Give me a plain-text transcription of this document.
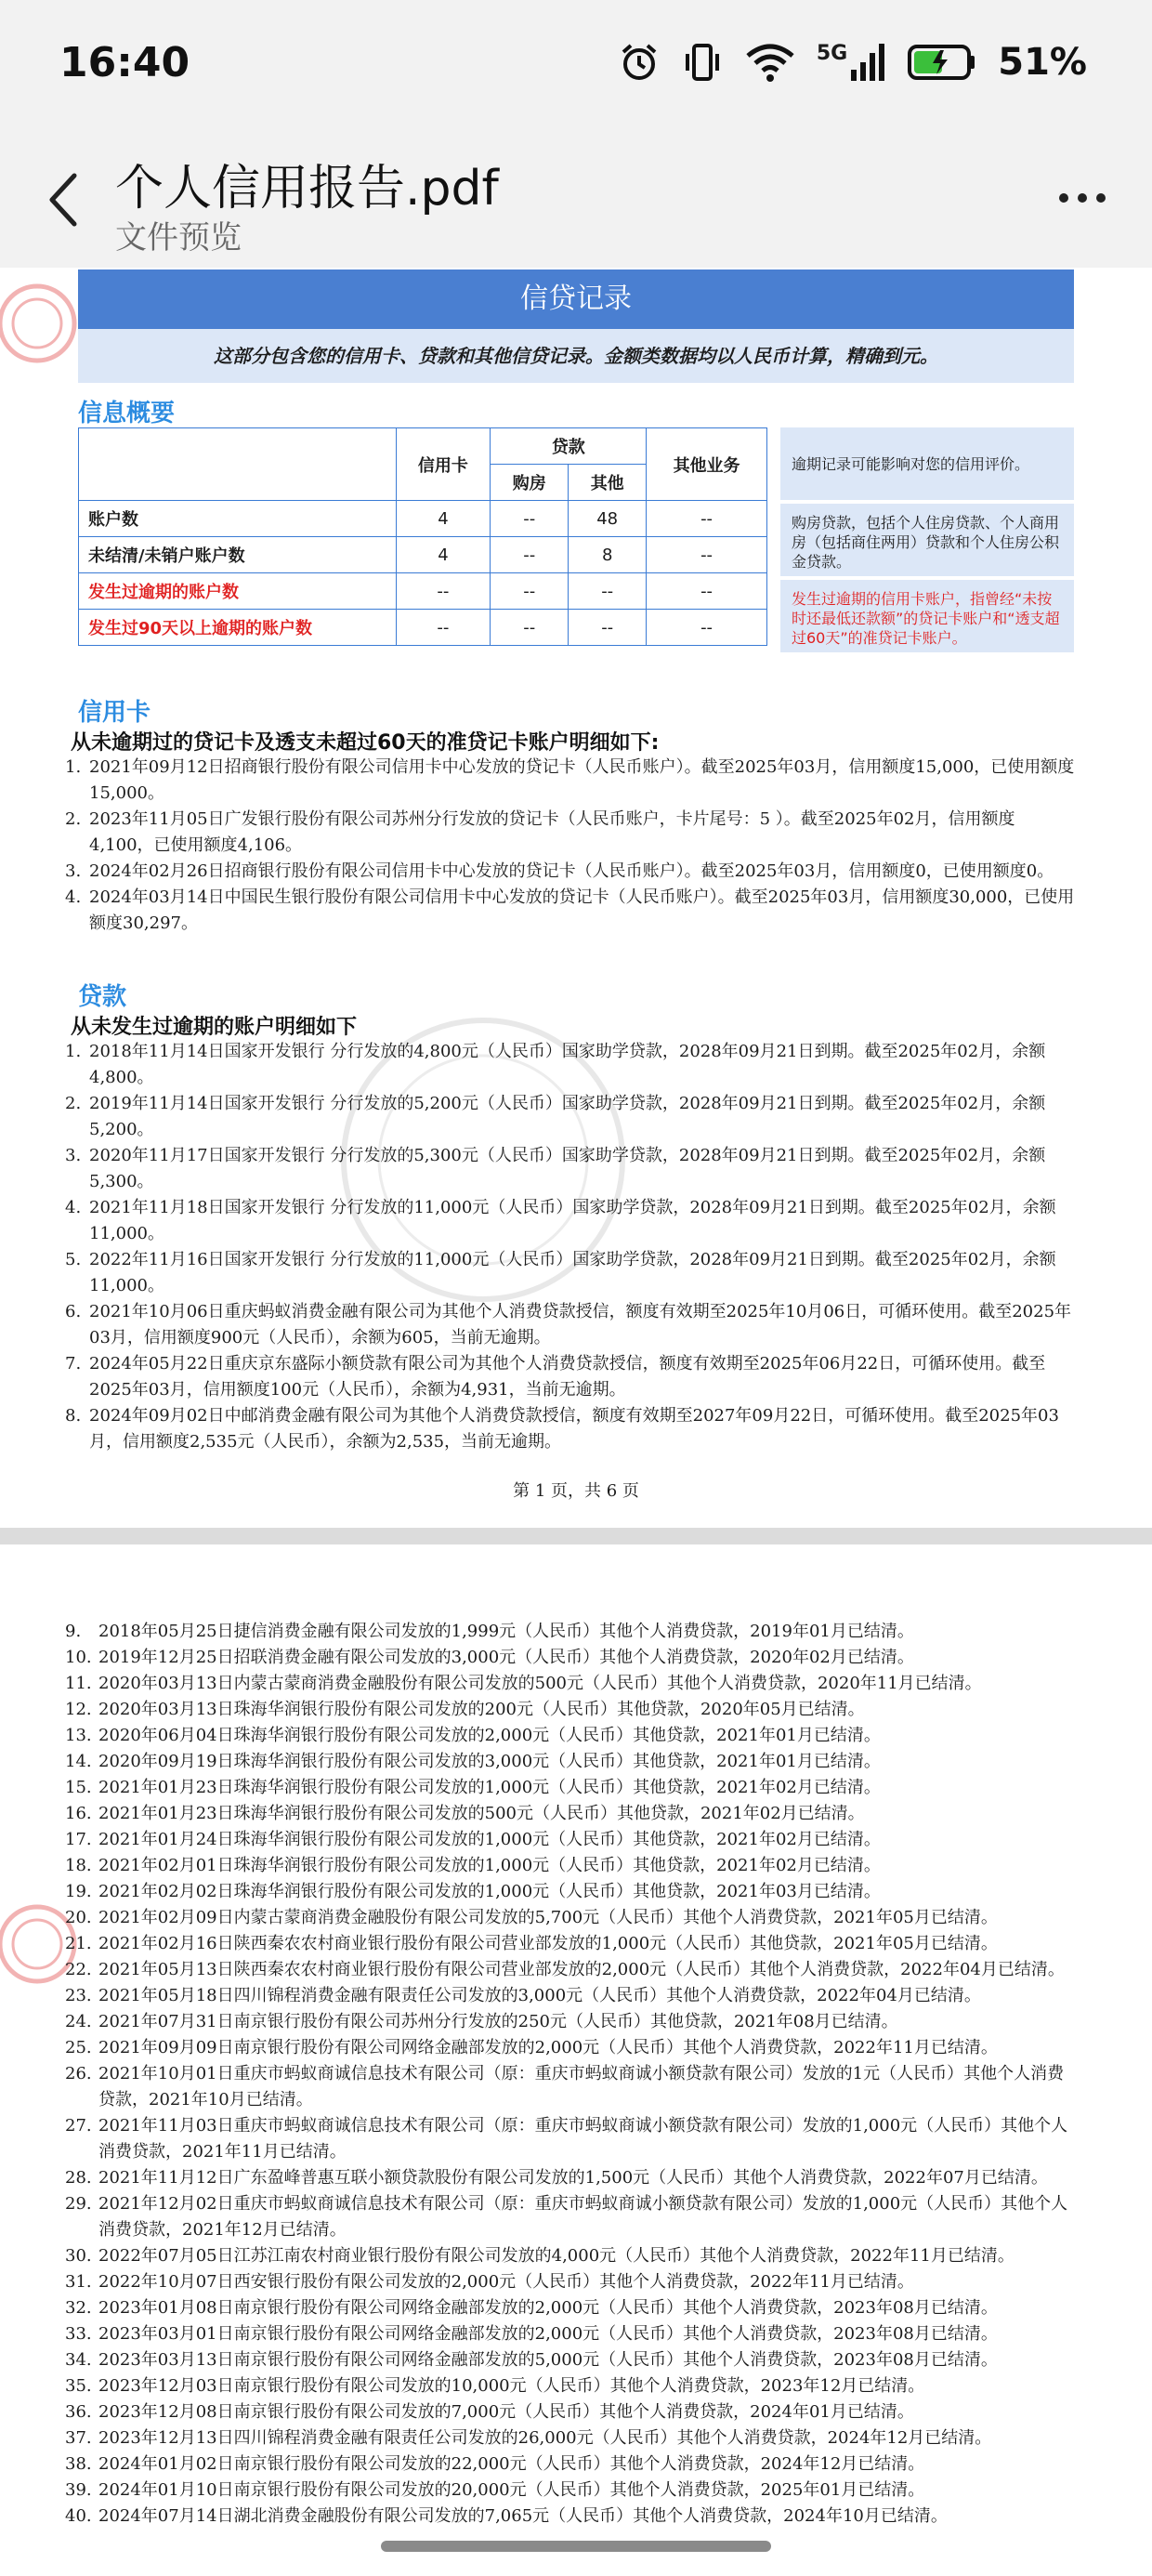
16:40	5G	51%
个人信用报告.pdf
文件预览
信贷记录
这部分包含您的信用卡、贷款和其他信贷记录。金额类数据均以人民币计算，精确到元。
信息概要
	信用卡	贷款		其他业务
		购房	其他	
账户数	4	--	48	--
未结清/未销户账户数	4	--	8	--
发生过逾期的账户数	--	--	--	--
发生过90天以上逾期的账户数	--	--	--	--
逾期记录可能影响对您的信用评价。
购房贷款，包括个人住房贷款、个人商用房（包括商住两用）贷款和个人住房公积金贷款。
发生过逾期的信用卡账户，指曾经“未按时还最低还款额”的贷记卡账户和“透支超过60天”的准贷记卡账户。
信用卡
从未逾期过的贷记卡及透支未超过60天的准贷记卡账户明细如下:
1. 2021年09月12日招商银行股份有限公司信用卡中心发放的贷记卡（人民币账户）。截至2025年03月，信用额度15,000，已使用额度15,000。
2. 2023年11月05日广发银行股份有限公司苏州分行发放的贷记卡（人民币账户，卡片尾号：5 ）。截至2025年02月，信用额度4,100，已使用额度4,106。
3. 2024年02月26日招商银行股份有限公司信用卡中心发放的贷记卡（人民币账户）。截至2025年03月，信用额度0，已使用额度0。
4. 2024年03月14日中国民生银行股份有限公司信用卡中心发放的贷记卡（人民币账户）。截至2025年03月，信用额度30,000，已使用额度30,297。
贷款
从未发生过逾期的账户明细如下
1. 2018年11月14日国家开发银行 分行发放的4,800元（人民币）国家助学贷款，2028年09月21日到期。截至2025年02月，余额4,800。
2. 2019年11月14日国家开发银行 分行发放的5,200元（人民币）国家助学贷款，2028年09月21日到期。截至2025年02月，余额5,200。
3. 2020年11月17日国家开发银行 分行发放的5,300元（人民币）国家助学贷款，2028年09月21日到期。截至2025年02月，余额5,300。
4. 2021年11月18日国家开发银行 分行发放的11,000元（人民币）国家助学贷款，2028年09月21日到期。截至2025年02月，余额11,000。
5. 2022年11月16日国家开发银行 分行发放的11,000元（人民币）国家助学贷款，2028年09月21日到期。截至2025年02月，余额11,000。
6. 2021年10月06日重庆蚂蚁消费金融有限公司为其他个人消费贷款授信，额度有效期至2025年10月06日，可循环使用。截至2025年03月，信用额度900元（人民币），余额为605，当前无逾期。
7. 2024年05月22日重庆京东盛际小额贷款有限公司为其他个人消费贷款授信，额度有效期至2025年06月22日，可循环使用。截至2025年03月，信用额度100元（人民币），余额为4,931，当前无逾期。
8. 2024年09月02日中邮消费金融有限公司为其他个人消费贷款授信，额度有效期至2027年09月22日，可循环使用。截至2025年03月，信用额度2,535元（人民币），余额为2,535，当前无逾期。
第 1 页，共 6 页
9.	2018年05月25日捷信消费金融有限公司发放的1,999元（人民币）其他个人消费贷款，2019年01月已结清。
10. 2019年12月25日招联消费金融有限公司发放的3,000元（人民币）其他个人消费贷款，2020年02月已结清。
11. 2020年03月13日内蒙古蒙商消费金融股份有限公司发放的500元（人民币）其他个人消费贷款，2020年11月已结清。
12. 2020年03月13日珠海华润银行股份有限公司发放的200元（人民币）其他贷款，2020年05月已结清。
13. 2020年06月04日珠海华润银行股份有限公司发放的2,000元（人民币）其他贷款，2021年01月已结清。
14. 2020年09月19日珠海华润银行股份有限公司发放的3,000元（人民币）其他贷款，2021年01月已结清。
15. 2021年01月23日珠海华润银行股份有限公司发放的1,000元（人民币）其他贷款，2021年02月已结清。
16. 2021年01月23日珠海华润银行股份有限公司发放的500元（人民币）其他贷款，2021年02月已结清。
17. 2021年01月24日珠海华润银行股份有限公司发放的1,000元（人民币）其他贷款，2021年02月已结清。
18. 2021年02月01日珠海华润银行股份有限公司发放的1,000元（人民币）其他贷款，2021年02月已结清。
19. 2021年02月02日珠海华润银行股份有限公司发放的1,000元（人民币）其他贷款，2021年03月已结清。
20. 2021年02月09日内蒙古蒙商消费金融股份有限公司发放的5,700元（人民币）其他个人消费贷款，2021年05月已结清。
21. 2021年02月16日陕西秦农农村商业银行股份有限公司营业部发放的1,000元（人民币）其他贷款，2021年05月已结清。
22. 2021年05月13日陕西秦农农村商业银行股份有限公司营业部发放的2,000元（人民币）其他个人消费贷款，2022年04月已结清。
23. 2021年05月18日四川锦程消费金融有限责任公司发放的3,000元（人民币）其他个人消费贷款，2022年04月已结清。
24. 2021年07月31日南京银行股份有限公司苏州分行发放的250元（人民币）其他贷款，2021年08月已结清。
25. 2021年09月09日南京银行股份有限公司网络金融部发放的2,000元（人民币）其他个人消费贷款，2022年11月已结清。
26. 2021年10月01日重庆市蚂蚁商诚信息技术有限公司（原：重庆市蚂蚁商诚小额贷款有限公司）发放的1元（人民币）其他个人消费贷款，2021年10月已结清。
27. 2021年11月03日重庆市蚂蚁商诚信息技术有限公司（原：重庆市蚂蚁商诚小额贷款有限公司）发放的1,000元（人民币）其他个人消费贷款，2021年11月已结清。
28. 2021年11月12日广东盈峰普惠互联小额贷款股份有限公司发放的1,500元（人民币）其他个人消费贷款，2022年07月已结清。
29. 2021年12月02日重庆市蚂蚁商诚信息技术有限公司（原：重庆市蚂蚁商诚小额贷款有限公司）发放的1,000元（人民币）其他个人消费贷款，2021年12月已结清。
30. 2022年07月05日江苏江南农村商业银行股份有限公司发放的4,000元（人民币）其他个人消费贷款，2022年11月已结清。
31. 2022年10月07日西安银行股份有限公司发放的2,000元（人民币）其他个人消费贷款，2022年11月已结清。
32. 2023年01月08日南京银行股份有限公司网络金融部发放的2,000元（人民币）其他个人消费贷款，2023年08月已结清。
33. 2023年03月01日南京银行股份有限公司网络金融部发放的2,000元（人民币）其他个人消费贷款，2023年08月已结清。
34. 2023年03月13日南京银行股份有限公司网络金融部发放的5,000元（人民币）其他个人消费贷款，2023年08月已结清。
35. 2023年12月03日南京银行股份有限公司发放的10,000元（人民币）其他个人消费贷款，2023年12月已结清。
36. 2023年12月08日南京银行股份有限公司发放的7,000元（人民币）其他个人消费贷款，2024年01月已结清。
37. 2023年12月13日四川锦程消费金融有限责任公司发放的26,000元（人民币）其他个人消费贷款，2024年12月已结清。
38. 2024年01月02日南京银行股份有限公司发放的22,000元（人民币）其他个人消费贷款，2024年12月已结清。
39. 2024年01月10日南京银行股份有限公司发放的20,000元（人民币）其他个人消费贷款，2025年01月已结清。
40. 2024年07月14日湖北消费金融股份有限公司发放的7,065元（人民币）其他个人消费贷款，2024年10月已结清。
